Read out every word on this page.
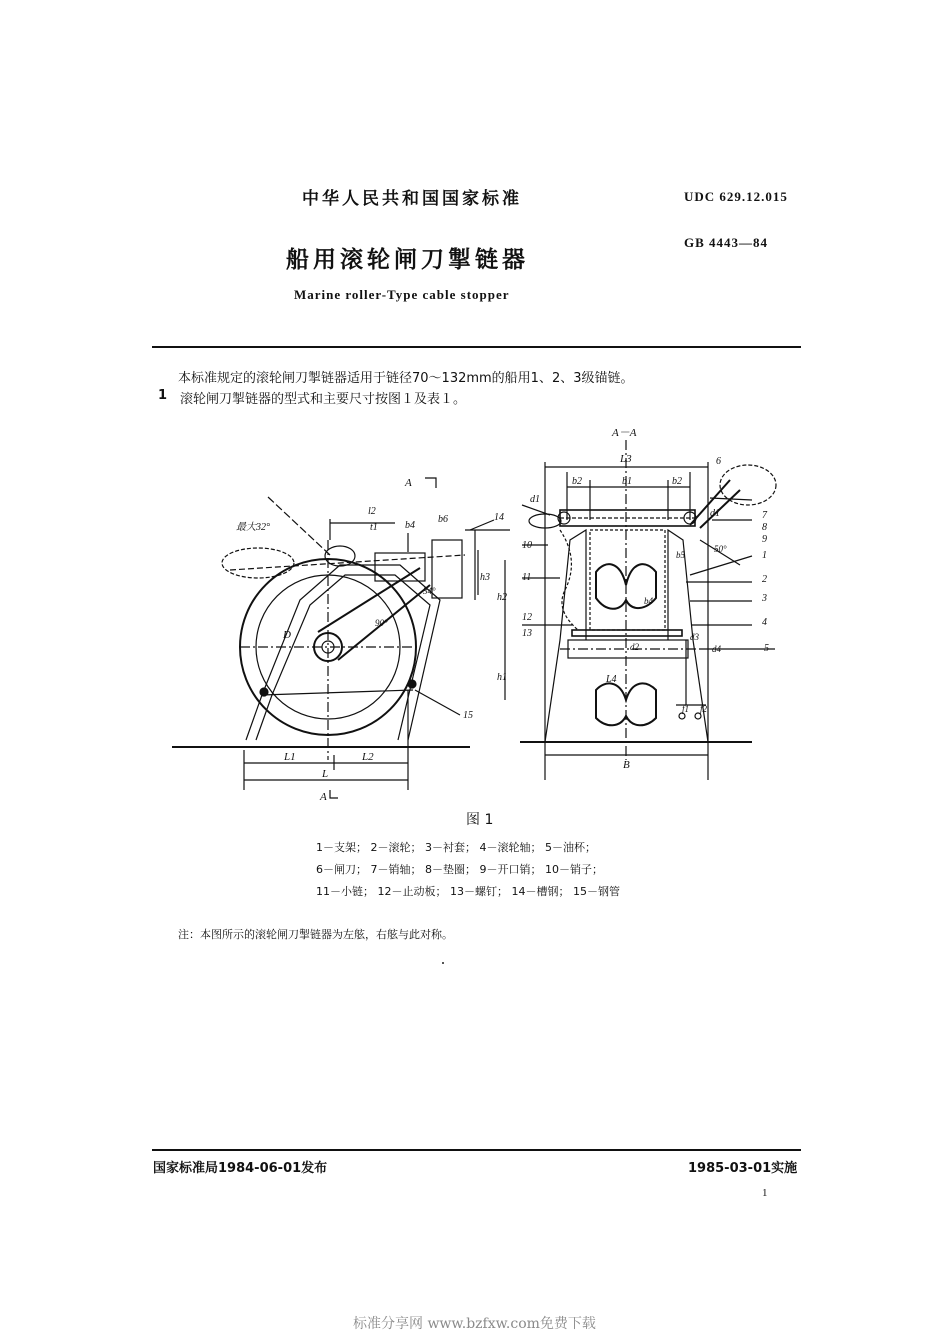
中华人民共和国国家标准	UDC 629.12.015
船用滚轮闸刀掣链器
GB 4443—84
Marine roller-Type cable stopper
本标准规定的滚轮闸刀掣链器适用于链径70～132mm的船用1、2、3级锚链。
1 滚轮闸刀掣链器的型式和主要尺寸按图１及表１。
A
A
最大32°
l2
t1	b4
b6	14
h3
h2
h1
34°
90°
D
15
L1	L2
L
A－A
L3
b2	b1	b2
6
d1
d1	7
8
9
50°
1
10
b5
2
11
b4	3
12
13
4
d3
d2	d4	5
L4
f1 f2
B
图 1
1－支架； 2－滚轮； 3－衬套； 4－滚轮轴； 5－油杯；
6－闸刀； 7－销轴； 8－垫圈； 9－开口销； 10－销子；
11－小链； 12－止动板； 13－螺钉； 14－槽钢； 15－钢管
注：本图所示的滚轮闸刀掣链器为左舷，右舷与此对称。
国家标准局1984-06-01发布	1985-03-01实施
1
标准分享网 www.bzfxw.com免费下载
